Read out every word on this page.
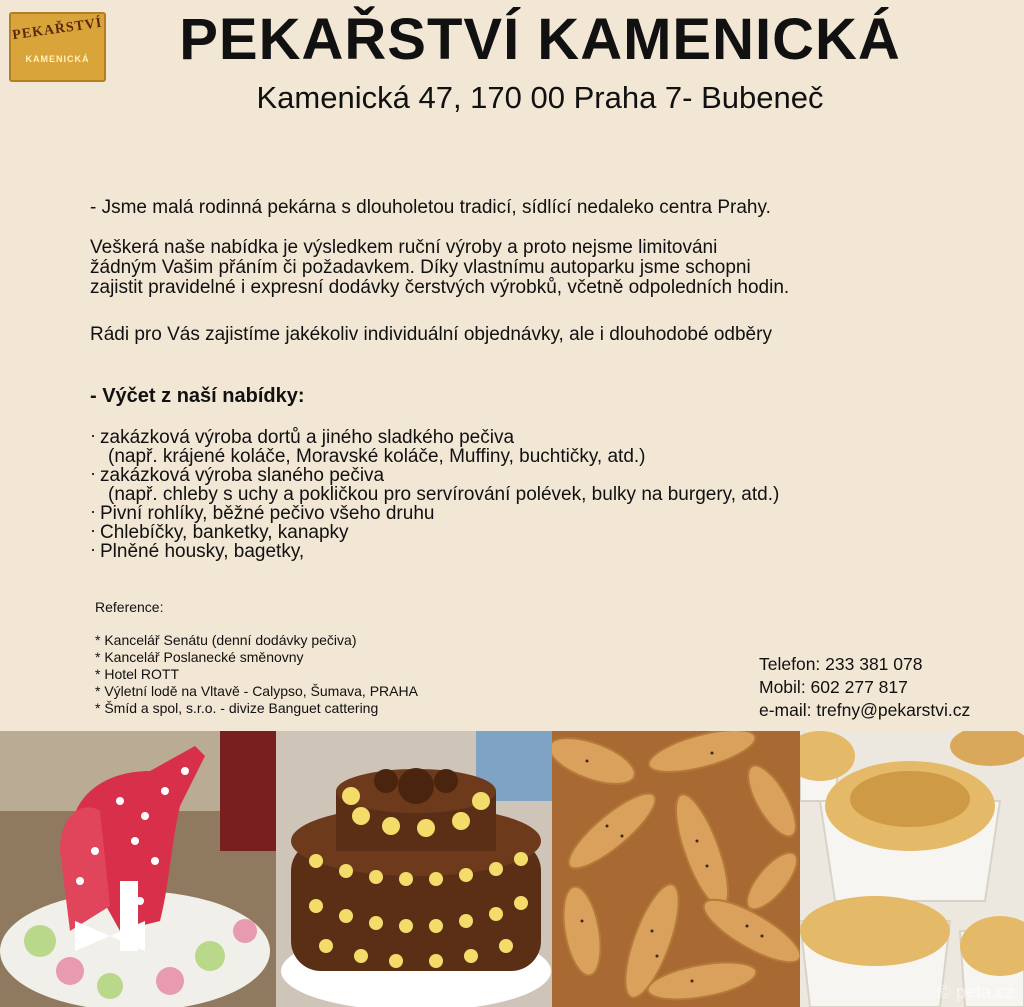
PEKAŘSTVÍ
KAMENICKÁ	PEKAŘSTVÍ KAMENICKÁ
Kamenická 47, 170 00 Praha 7- Bubeneč
- Jsme malá rodinná pekárna s dlouholetou tradicí, sídlící nedaleko centra Prahy.
Veškerá naše nabídka je výsledkem ruční výroby a proto nejsme limitováni
žádným Vašim přáním či požadavkem. Díky vlastnímu autoparku jsme schopni
zajistit pravidelné i expresní dodávky čerstvých výrobků, včetně odpoledních hodin.
Rádi pro Vás zajistíme jakékoliv individuální objednávky, ale i dlouhodobé odběry
- Výčet z naší nabídky:
· zakázková výroba dortů a jiného sladkého pečiva
(např. krájené koláče, Moravské koláče, Muffiny, buchtičky, atd.)
· zakázková výroba slaného pečiva
(např. chleby s uchy a pokličkou pro servírování polévek, bulky na burgery, atd.)
· Pivní rohlíky, běžné pečivo všeho druhu
· Chlebíčky, banketky, kanapky
· Plněné housky, bagetky,
Reference:
* Kancelář Senátu (denní dodávky pečiva)
* Kancelář Poslanecké směnovny
* Hotel ROTT
* Výletní lodě na Vltavě - Calypso, Šumava, PRAHA
* Šmíd a spol, s.r.o. - divize Banguet cattering
Telefon: 233 381 078
Mobil: 602 277 817
e-mail: trefny@pekarstvi.cz
© peta.cz
